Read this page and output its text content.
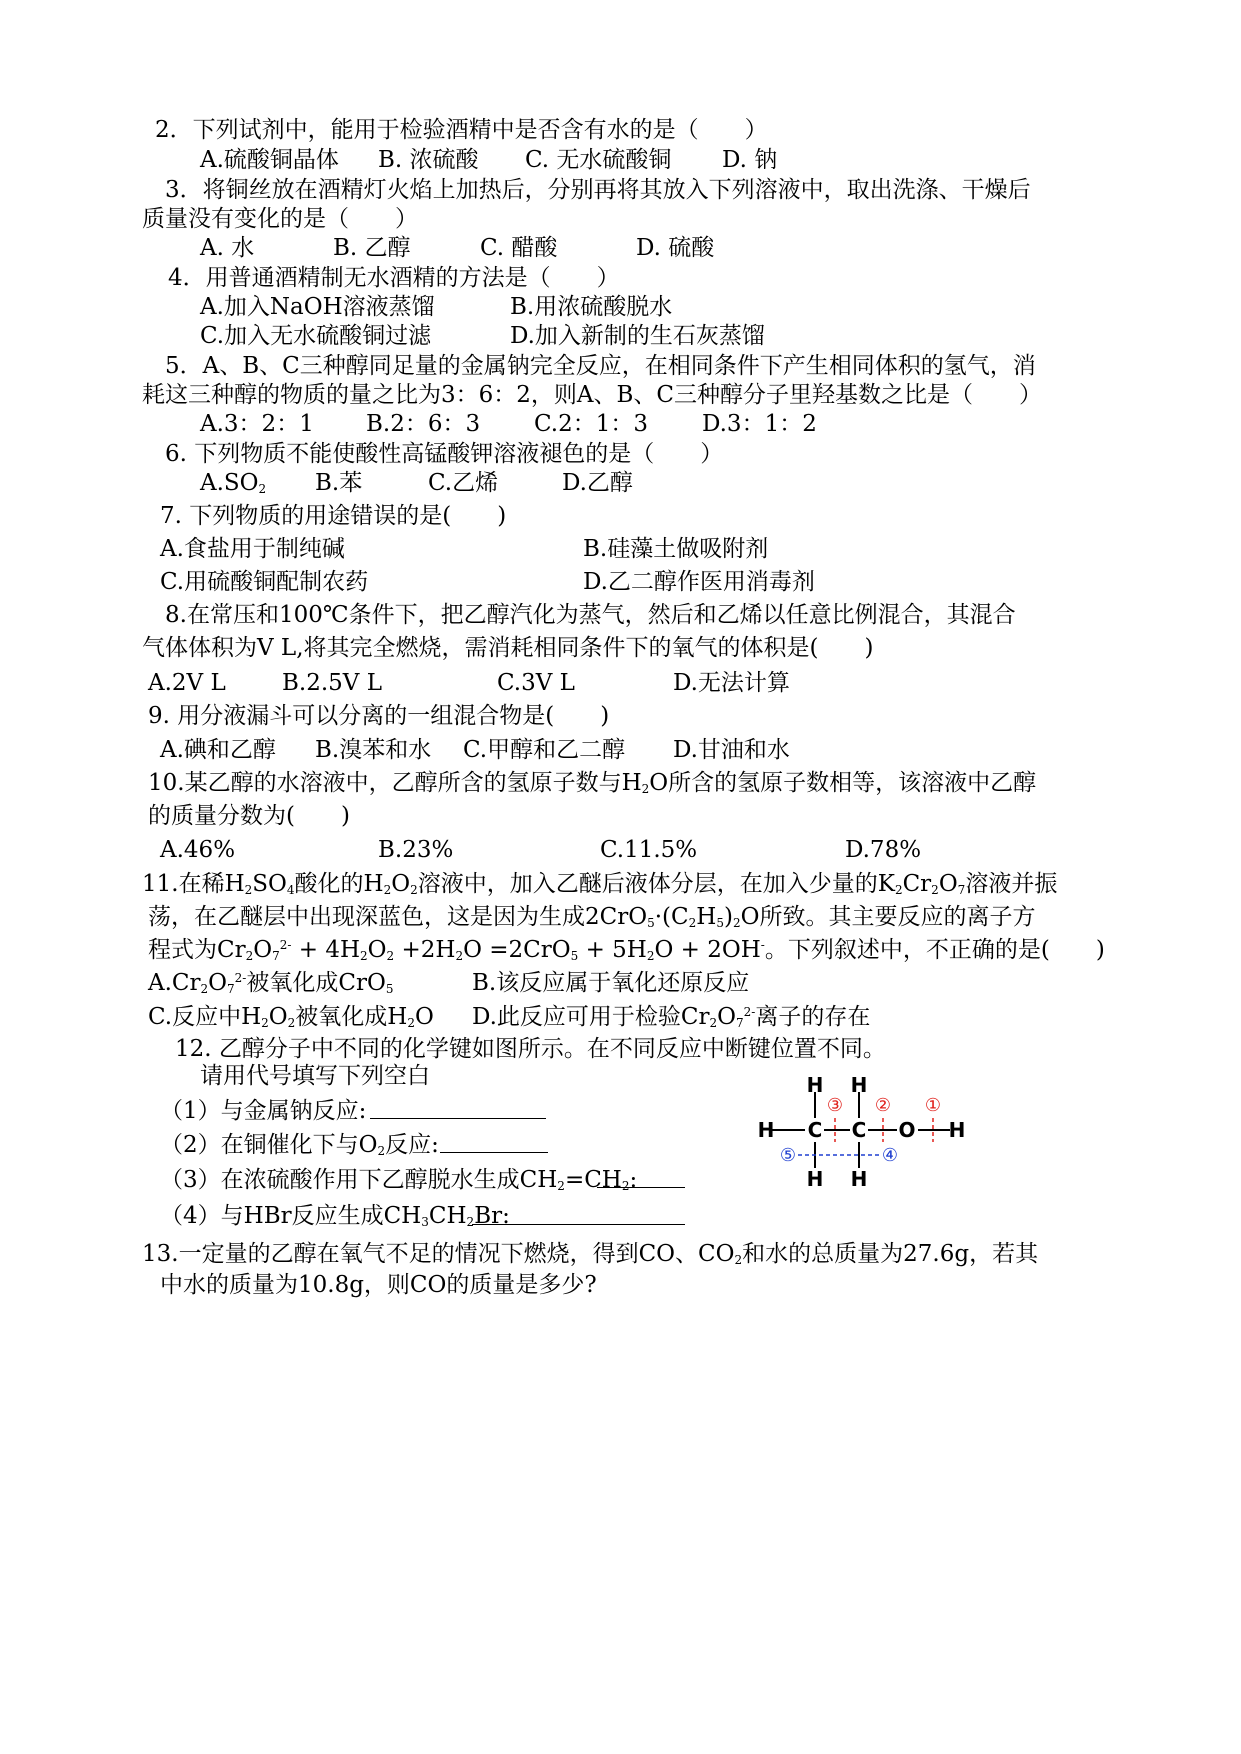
2．下列试剂中，能用于检验酒精中是否含有水的是（　　）
A.硫酸铜晶体 B. 浓硫酸 C. 无水硫酸铜 D. 钠
3．将铜丝放在酒精灯火焰上加热后，分别再将其放入下列溶液中，取出洗涤、干燥后
质量没有变化的是（　　）
A. 水	B. 乙醇	C. 醋酸	D. 硫酸
4．用普通酒精制无水酒精的方法是（　　）
A.加入NaOH溶液蒸馏	B.用浓硫酸脱水
C.加入无水硫酸铜过滤	D.加入新制的生石灰蒸馏
5．A、B、C三种醇同足量的金属钠完全反应，在相同条件下产生相同体积的氢气，消
耗这三种醇的物质的量之比为3：6：2，则A、B、C三种醇分子里羟基数之比是（　　）
A.3：2：1 B.2：6：3 C.2：1：3 D.3：1：2
6. 下列物质不能使酸性高锰酸钾溶液褪色的是（　　）
$A.SO_2$ B.苯	C.乙烯	D.乙醇
7. 下列物质的用途错误的是(　　)
A.食盐用于制纯碱	B.硅藻土做吸附剂
C.用硫酸铜配制农药	D.乙二醇作医用消毒剂
8.在常压和100℃条件下，把乙醇汽化为蒸气，然后和乙烯以任意比例混合，其混合
气体体积为V L,将其完全燃烧，需消耗相同条件下的氧气的体积是(　　)
A.2V L B.2.5V L	C.3V L	D.无法计算
9. 用分液漏斗可以分离的一组混合物是(　　)
A.碘和乙醇 B.溴苯和水 C.甲醇和乙二醇 D.甘油和水
10.某乙醇的水溶液中，乙醇所含的氢原子数与$H_2O$所含的氢原子数相等，该溶液中乙醇
的质量分数为(　　)
A.46%	B.23%	C.11.5%	D.78%
11.在稀$H_2SO_4$酸化的$H_2O_2$溶液中，加入乙醚后液体分层，在加入少量的$K_2Cr_2O_7$溶液并振
荡，在乙醚层中出现深蓝色，这是因为生成$2CrO_5\cdot(C_2H_5)_2O$所致。其主要反应的离子方
程式为$Cr_2O_7^{2-} + 4H_2O_2 +2H_2O =2CrO_5 + 5H_2O + 2OH^-$。下列叙述中，不正确的是(　　)
$A.Cr_2O_7^{2-}$被氧化成CrO$_5$	B.该反应属于氧化还原反应
C.反应中$H_2O_2$被氧化成$H_2O$ D.此反应可用于检验$Cr_2O_7^{2-}$离子的存在
12. 乙醇分子中不同的化学键如图所示。在不同反应中断键位置不同。
请用代号填写下列空白
（1）与金属钠反应:
（2）在铜催化下与$O_2$反应:
（3）在浓硫酸作用下乙醇脱水生成$CH_2=CH_2$:
（4）与HBr反应生成$CH_3CH_2Br$:
H H
H C C O H
H H
③ ② ①
⑤	④
13.一定量的乙醇在氧气不足的情况下燃烧，得到CO、$CO_2$和水的总质量为27.6g，若其
中水的质量为10.8g，则CO的质量是多少?
